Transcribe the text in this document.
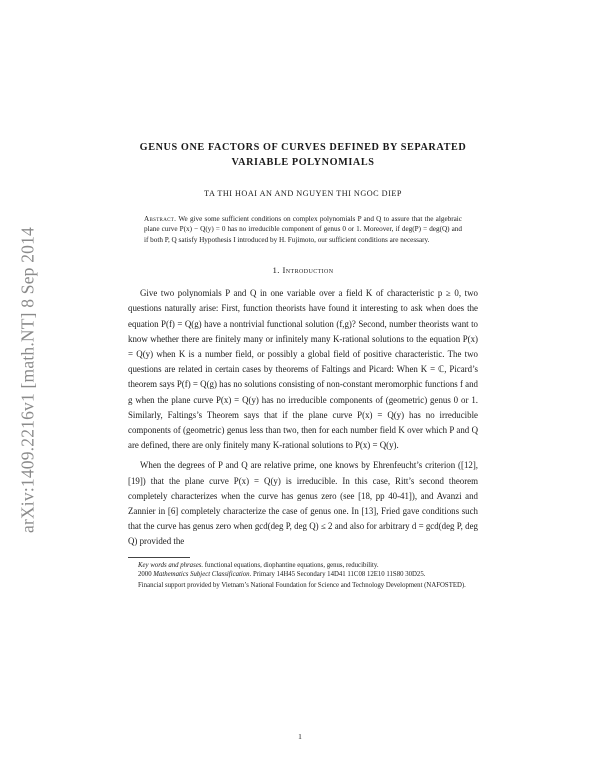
arXiv:1409.2216v1 [math.NT] 8 Sep 2014
GENUS ONE FACTORS OF CURVES DEFINED BY SEPARATED VARIABLE POLYNOMIALS
TA THI HOAI AN AND NGUYEN THI NGOC DIEP
Abstract. We give some sufficient conditions on complex polynomials P and Q to assure that the algebraic plane curve P(x) − Q(y) = 0 has no irreducible component of genus 0 or 1. Moreover, if deg(P) = deg(Q) and if both P, Q satisfy Hypothesis I introduced by H. Fujimoto, our sufficient conditions are necessary.
1. Introduction

Give two polynomials P and Q in one variable over a field K of characteristic p ≥ 0, two questions naturally arise: First, function theorists have found it interesting to ask when does the equation P(f) = Q(g) have a nontrivial functional solution (f,g)? Second, number theorists want to know whether there are finitely many or infinitely many K-rational solutions to the equation P(x) = Q(y) when K is a number field, or possibly a global field of positive characteristic. The two questions are related in certain cases by theorems of Faltings and Picard: When K = ℂ, Picard’s theorem says P(f) = Q(g) has no solutions consisting of non-constant meromorphic functions f and g when the plane curve P(x) = Q(y) has no irreducible components of (geometric) genus 0 or 1. Similarly, Faltings’s Theorem says that if the plane curve P(x) = Q(y) has no irreducible components of (geometric) genus less than two, then for each number field K over which P and Q are defined, there are only finitely many K-rational solutions to P(x) = Q(y).

When the degrees of P and Q are relative prime, one knows by Ehrenfeucht’s criterion ([12], [19]) that the plane curve P(x) = Q(y) is irreducible. In this case, Ritt’s second theorem completely characterizes when the curve has genus zero (see [18, pp 40-41]), and Avanzi and Zannier in [6] completely characterize the case of genus one. In [13], Fried gave conditions such that the curve has genus zero when gcd(deg P, deg Q) ≤ 2 and also for arbitrary d = gcd(deg P, deg Q) provided the

Key words and phrases. functional equations, diophantine equations, genus, reducibility.

2000 Mathematics Subject Classification. Primary 14H45 Secondary 14D41 11C08 12E10 11S80 30D25.

Financial support provided by Vietnam’s National Foundation for Science and Technology Development (NAFOSTED).

1
